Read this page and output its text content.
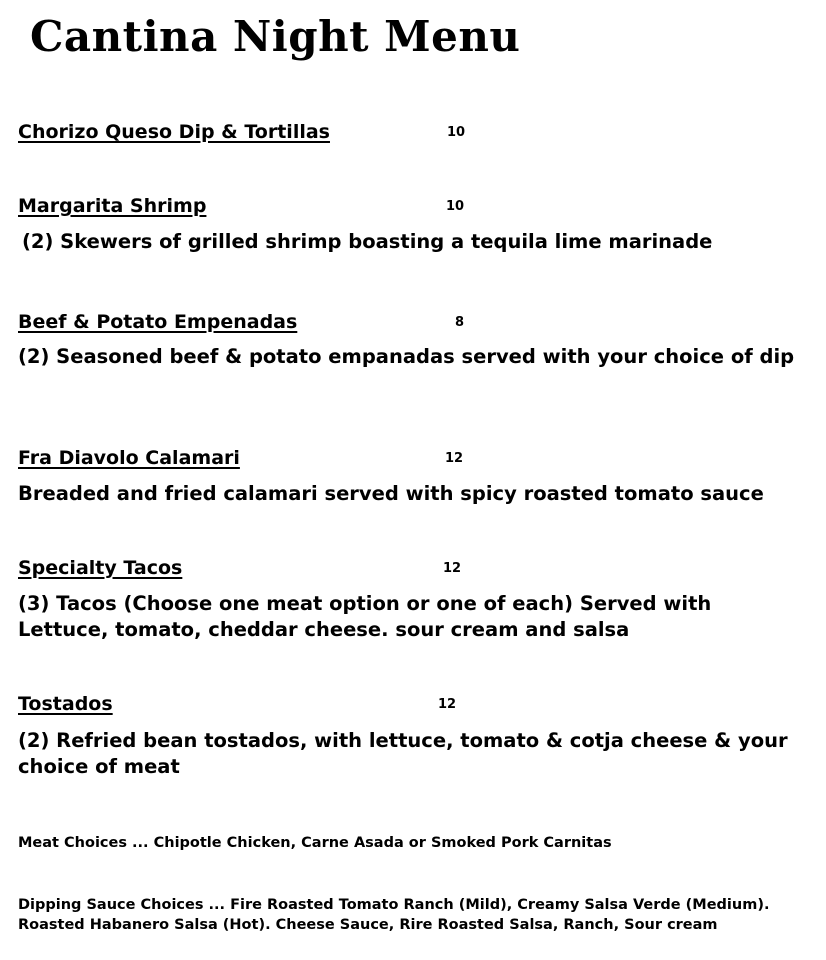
Cantina Night Menu
Chorizo Queso Dip & Tortillas	10
Margarita Shrimp	10
(2) Skewers of grilled shrimp boasting a tequila lime marinade
Beef & Potato Empenadas	8
(2) Seasoned beef & potato empanadas served with your choice of dip
Fra Diavolo Calamari	12
Breaded and fried calamari served with spicy roasted tomato sauce
Specialty Tacos	12
(3) Tacos (Choose one meat option or one of each) Served with Lettuce, tomato, cheddar cheese. sour cream and salsa
Tostados	12
(2) Refried bean tostados, with lettuce, tomato & cotja cheese & your choice of meat
Meat Choices ... Chipotle Chicken, Carne Asada or Smoked Pork Carnitas
Dipping Sauce Choices ... Fire Roasted Tomato Ranch (Mild), Creamy Salsa Verde (Medium). Roasted Habanero Salsa (Hot). Cheese Sauce, Rire Roasted Salsa, Ranch, Sour cream
